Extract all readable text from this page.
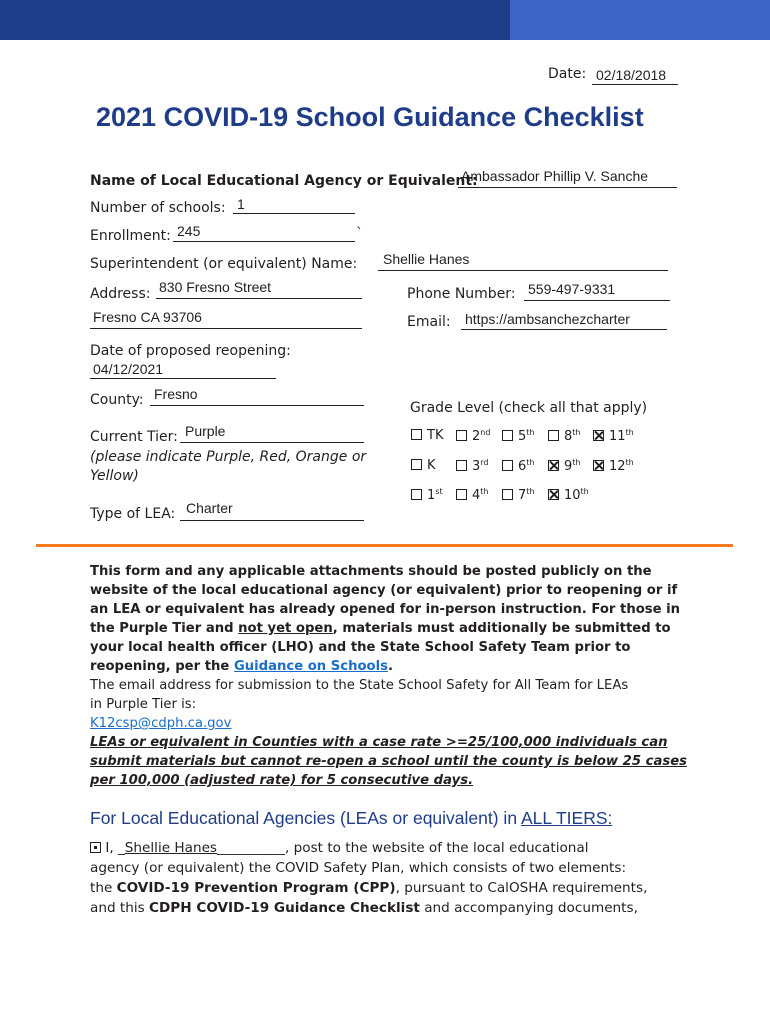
Date: 02/18/2018
2021 COVID-19 School Guidance Checklist
Name of Local Educational Agency or Equivalent:
Ambassador Phillip V. Sanche
Number of schools: 1
Enrollment: 245	`
Superintendent (or equivalent) Name: Shellie Hanes
Address: 830 Fresno Street
Fresno CA 93706
Phone Number: 559-497-9331
Email: https://ambsanchezcharter
Date of proposed reopening:
04/12/2021
County: Fresno
Grade Level (check all that apply)
Current Tier: Purple
(please indicate Purple, Red, Orange or
Yellow)
Type of LEA: Charter
TK	2nd	5th	8th	11th
K	3rd	6th	9th	12th
1st	4th	7th	10th
This form and any applicable attachments should be posted publicly on the
website of the local educational agency (or equivalent) prior to reopening or if
an LEA or equivalent has already opened for in-person instruction. For those in
the Purple Tier and not yet open, materials must additionally be submitted to
your local health officer (LHO) and the State School Safety Team prior to
reopening, per the Guidance on Schools.
The email address for submission to the State School Safety for All Team for LEAs
in Purple Tier is:
K12csp@cdph.ca.gov
LEAs or equivalent in Counties with a case rate >=25/100,000 individuals can
submit materials but cannot re-open a school until the county is below 25 cases
per 100,000 (adjusted rate) for 5 consecutive days.
For Local Educational Agencies (LEAs or equivalent) in ALL TIERS:
I, _Shellie Hanes__________, post to the website of the local educational
agency (or equivalent) the COVID Safety Plan, which consists of two elements:
the COVID-19 Prevention Program (CPP), pursuant to CalOSHA requirements,
and this CDPH COVID-19 Guidance Checklist and accompanying documents,
